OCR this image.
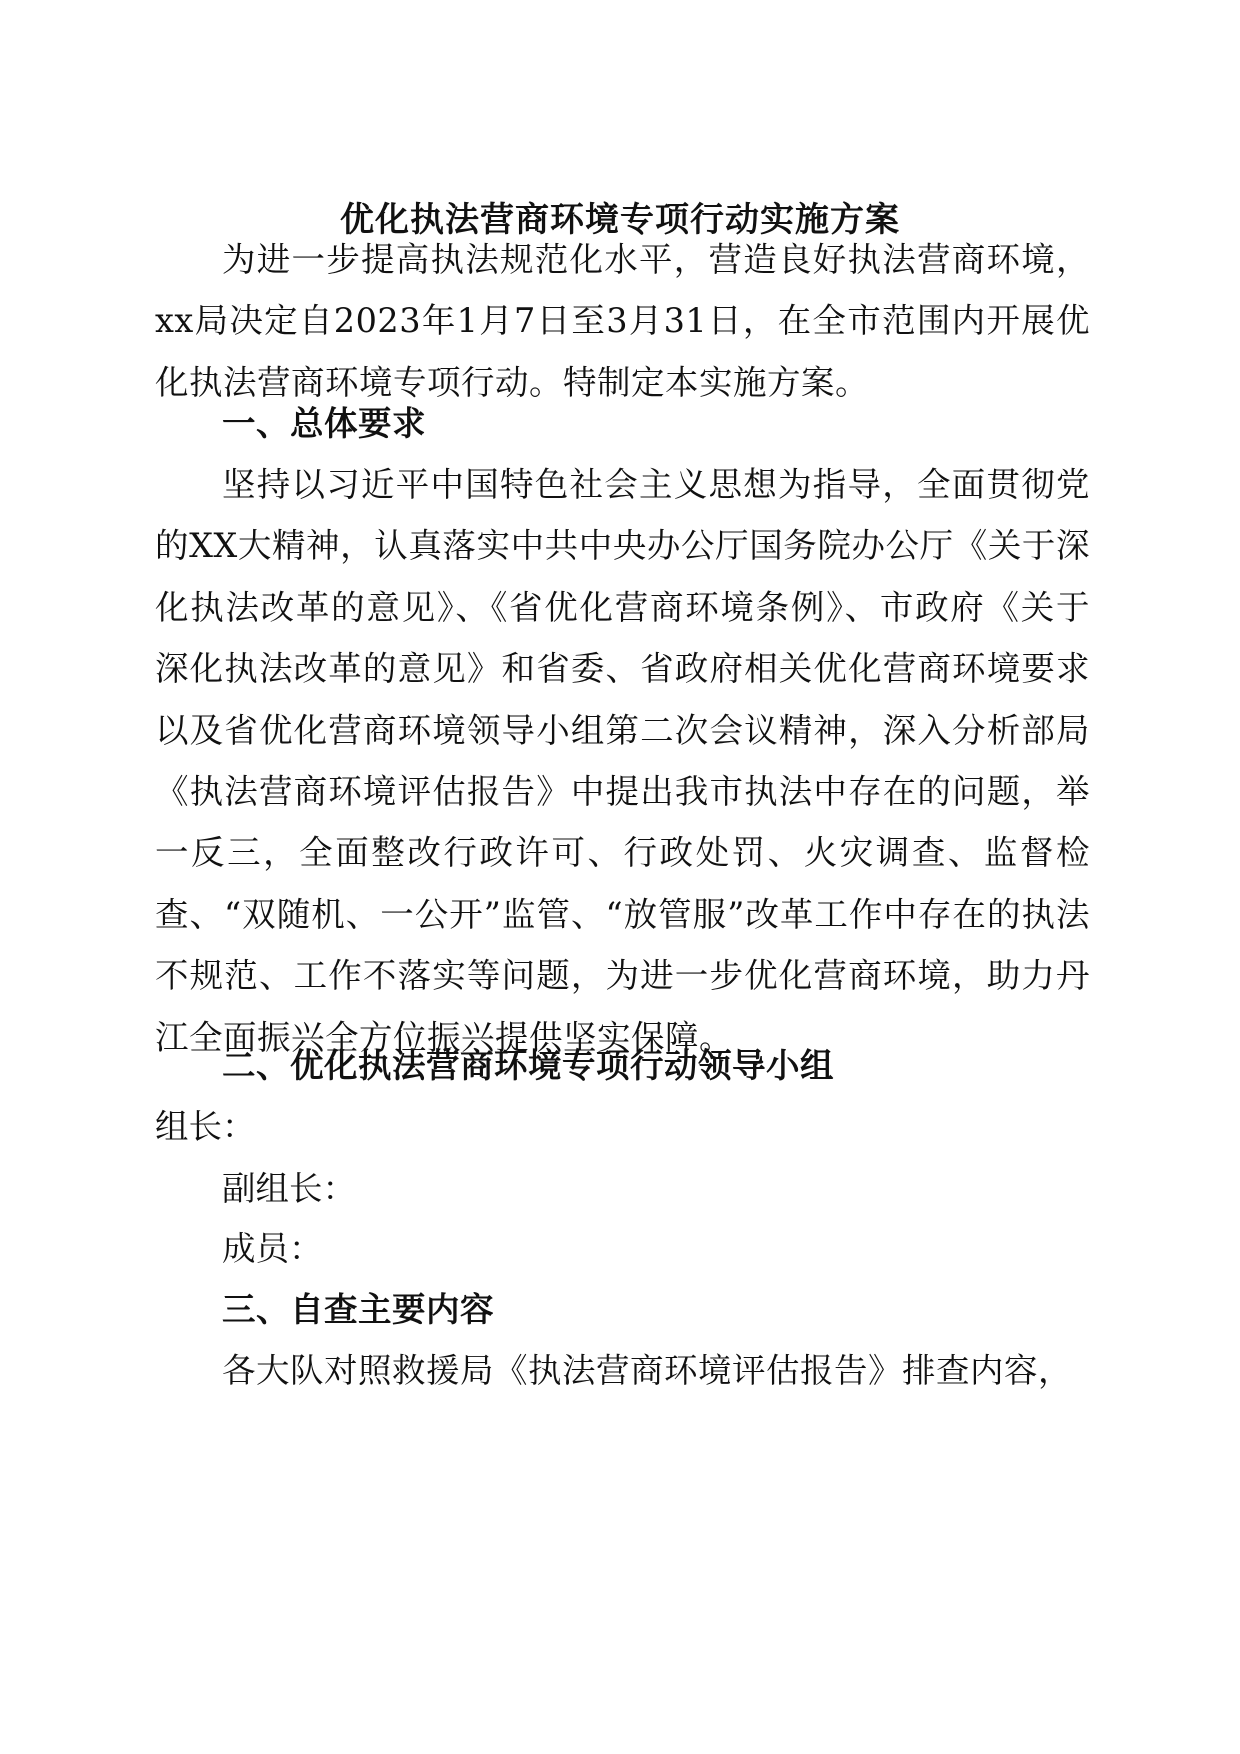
优化执法营商环境专项行动实施方案

为进一步提高执法规范化水平，营造良好执法营商环境，xx局决定自2023年1月7日至3月31日，在全市范围内开展优化执法营商环境专项行动。特制定本实施方案。

一、总体要求

坚持以习近平中国特色社会主义思想为指导，全面贯彻党的XX大精神，认真落实中共中央办公厅国务院办公厅《关于深化执法改革的意见》、《省优化营商环境条例》、市政府《关于深化执法改革的意见》和省委、省政府相关优化营商环境要求以及省优化营商环境领导小组第二次会议精神，深入分析部局《执法营商环境评估报告》中提出我市执法中存在的问题，举一反三，全面整改行政许可、行政处罚、火灾调查、监督检查、“双随机、一公开”监管、“放管服”改革工作中存在的执法不规范、工作不落实等问题，为进一步优化营商环境，助力丹江全面振兴全方位振兴提供坚实保障。

二、优化执法营商环境专项行动领导小组

组长：

副组长：

成员：

三、自查主要内容

各大队对照救援局《执法营商环境评估报告》排查内容，
